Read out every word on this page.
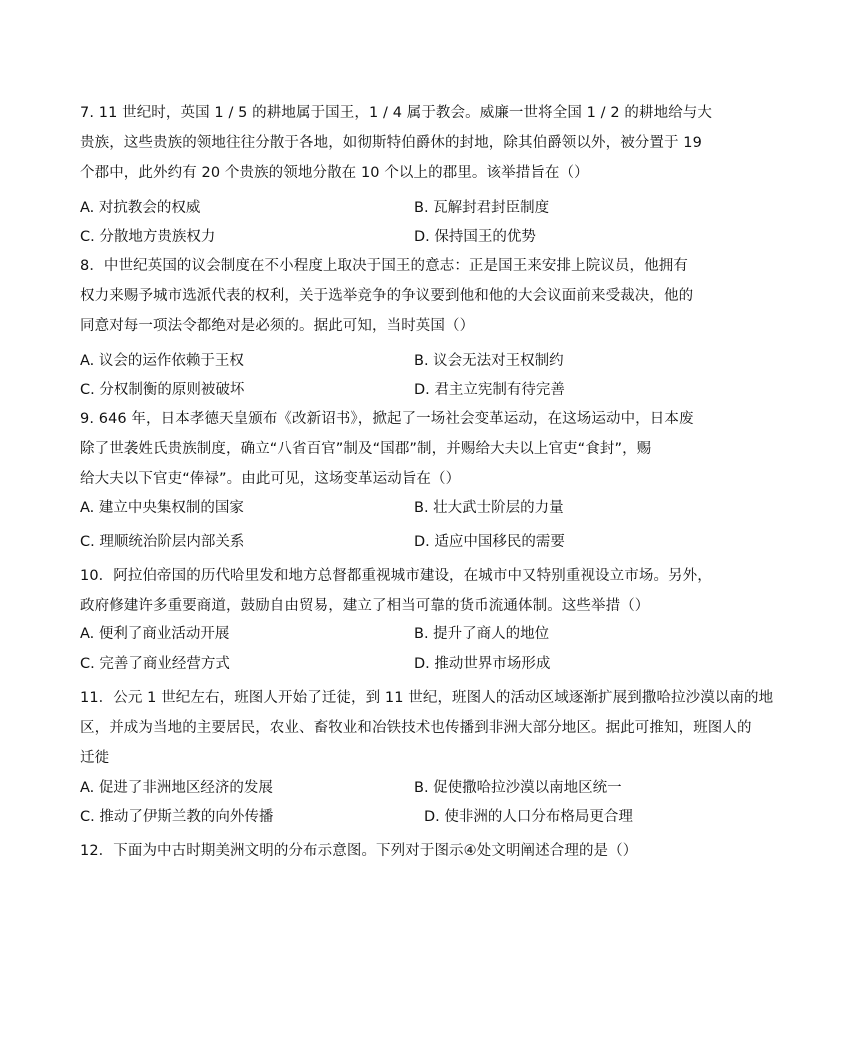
7. 11 世纪时，英国 1 / 5 的耕地属于国王，1 / 4 属于教会。威廉一世将全国 1 / 2 的耕地给与大
贵族，这些贵族的领地往往分散于各地，如彻斯特伯爵休的封地，除其伯爵领以外，被分置于 19
个郡中，此外约有 20 个贵族的领地分散在 10 个以上的郡里。该举措旨在（）
A. 对抗教会的权威	B. 瓦解封君封臣制度
C. 分散地方贵族权力	D. 保持国王的优势
8．中世纪英国的议会制度在不小程度上取决于国王的意志：正是国王来安排上院议员，他拥有
权力来赐予城市选派代表的权利，关于选举竞争的争议要到他和他的大会议面前来受裁决，他的
同意对每一项法令都绝对是必须的。据此可知，当时英国（）
A. 议会的运作依赖于王权	B. 议会无法对王权制约
C. 分权制衡的原则被破坏	D. 君主立宪制有待完善
9. 646 年，日本孝德天皇颁布《改新诏书》，掀起了一场社会变革运动，在这场运动中，日本废
除了世袭姓氏贵族制度，确立“八省百官”制及“国郡”制，并赐给大夫以上官吏“食封”，赐
给大夫以下官吏“俸禄”。由此可见，这场变革运动旨在（）
A. 建立中央集权制的国家	B. 壮大武士阶层的力量
C. 理顺统治阶层内部关系	D. 适应中国移民的需要
10．阿拉伯帝国的历代哈里发和地方总督都重视城市建设，在城市中又特别重视设立市场。另外，
政府修建许多重要商道，鼓励自由贸易，建立了相当可靠的货币流通体制。这些举措（）
A. 便利了商业活动开展	B. 提升了商人的地位
C. 完善了商业经营方式	D. 推动世界市场形成
11．公元 1 世纪左右，班图人开始了迁徒，到 11 世纪，班图人的活动区域逐渐扩展到撒哈拉沙漠以南的地
区，并成为当地的主要居民，农业、畜牧业和冶铁技术也传播到非洲大部分地区。据此可推知，班图人的
迁徙
A. 促进了非洲地区经济的发展	B. 促使撒哈拉沙漠以南地区统一
C. 推动了伊斯兰教的向外传播	D. 使非洲的人口分布格局更合理
12．下面为中古时期美洲文明的分布示意图。下列对于图示④处文明阐述合理的是（）
